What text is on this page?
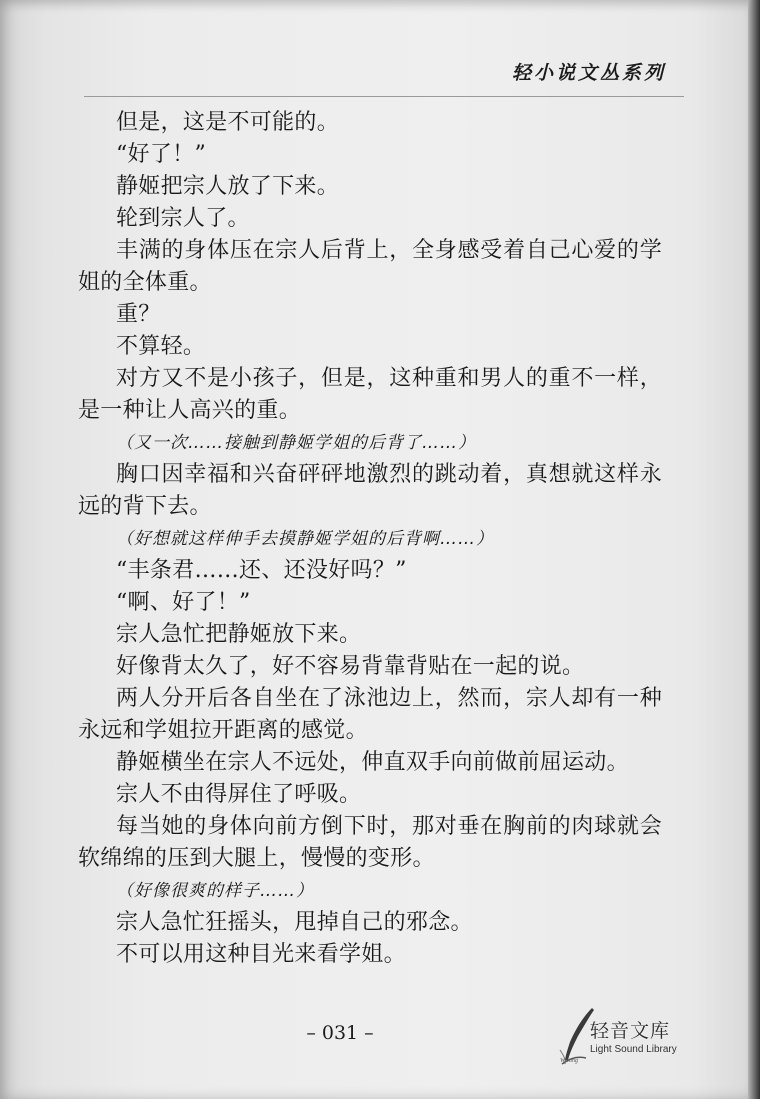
轻小说文丛系列

但是，这是不可能的。

“好了！”

静姬把宗人放了下来。

轮到宗人了。

丰满的身体压在宗人后背上，全身感受着自己心爱的学姐的全体重。

重？

不算轻。

对方又不是小孩子，但是，这种重和男人的重不一样，是一种让人高兴的重。

（又一次……接触到静姬学姐的后背了……）

胸口因幸福和兴奋砰砰地激烈的跳动着，真想就这样永远的背下去。

（好想就这样伸手去摸静姬学姐的后背啊……）

“丰条君……还、还没好吗？”

“啊、好了！”

宗人急忙把静姬放下来。

好像背太久了，好不容易背靠背贴在一起的说。

两人分开后各自坐在了泳池边上，然而，宗人却有一种永远和学姐拉开距离的感觉。

静姬横坐在宗人不远处，伸直双手向前做前屈运动。

宗人不由得屏住了呼吸。

每当她的身体向前方倒下时，那对垂在胸前的肉球就会软绵绵的压到大腿上，慢慢的变形。

（好像很爽的样子……）

宗人急忙狂摇头，甩掉自己的邪念。

不可以用这种目光来看学姐。

– 031 –	轻音文库
Light Sound Library
Writing
